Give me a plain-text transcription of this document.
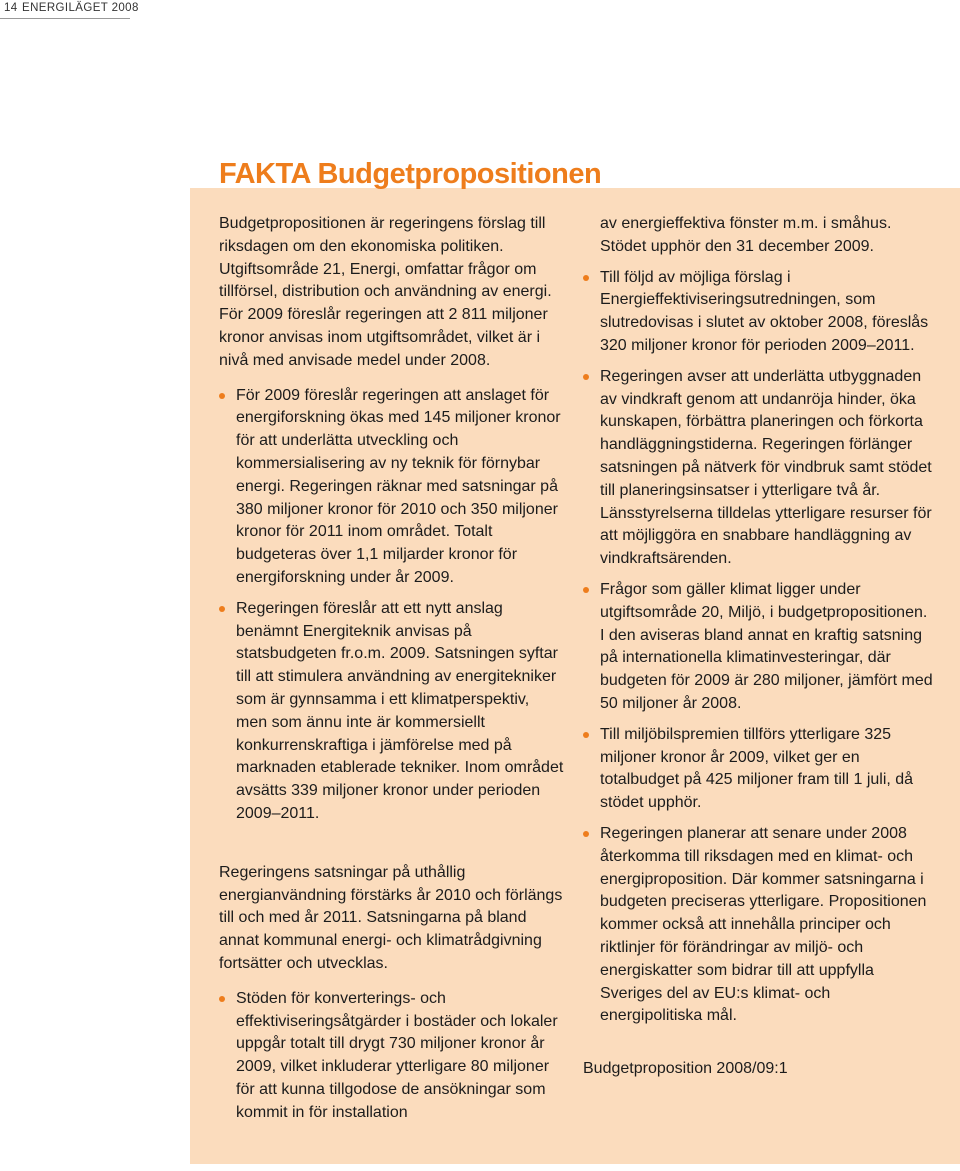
14 ENERGILÄGET 2008
FAKTA Budgetpropositionen

Budgetpropositionen är regeringens förslag till riksdagen om den ekonomiska politiken. Utgiftsområde 21, Energi, omfattar frågor om tillförsel, distribution och användning av energi. För 2009 föreslår regeringen att 2 811 miljoner kronor anvisas inom utgiftsområdet, vilket är i nivå med anvisade medel under 2008.

För 2009 föreslår regeringen att anslaget för energiforskning ökas med 145 miljoner kronor för att underlätta utveckling och kommersialisering av ny teknik för förnybar energi. Regeringen räknar med satsningar på 380 miljoner kronor för 2010 och 350 miljoner kronor för 2011 inom området. Totalt budgeteras över 1,1 miljarder kronor för energiforskning under år 2009.

Regeringen föreslår att ett nytt anslag benämnt Energiteknik anvisas på statsbudgeten fr.o.m. 2009. Satsningen syftar till att stimulera användning av energitekniker som är gynnsamma i ett klimatperspektiv, men som ännu inte är kommersiellt konkurrenskraftiga i jämförelse med på marknaden etablerade tekniker. Inom området avsätts 339 miljoner kronor under perioden 2009–2011.

Regeringens satsningar på uthållig energianvändning förstärks år 2010 och förlängs till och med år 2011. Satsningarna på bland annat kommunal energi- och klimatrådgivning fortsätter och utvecklas.

Stöden för konverterings- och effektiviseringsåtgärder i bostäder och lokaler uppgår totalt till drygt 730 miljoner kronor år 2009, vilket inkluderar ytterligare 80 miljoner för att kunna tillgodose de ansökningar som kommit in för installation

av energieffektiva fönster m.m. i småhus. Stödet upphör den 31 december 2009.

Till följd av möjliga förslag i Energieffektiviseringsutredningen, som slutredovisas i slutet av oktober 2008, föreslås 320 miljoner kronor för perioden 2009–2011.

Regeringen avser att underlätta utbyggnaden av vindkraft genom att undanröja hinder, öka kunskapen, förbättra planeringen och förkorta handläggningstiderna. Regeringen förlänger satsningen på nätverk för vindbruk samt stödet till planeringsinsatser i ytterligare två år. Länsstyrelserna tilldelas ytterligare resurser för att möjliggöra en snabbare handläggning av vindkraftsärenden.

Frågor som gäller klimat ligger under utgiftsområde 20, Miljö, i budgetpropositionen. I den aviseras bland annat en kraftig satsning på internationella klimatinvesteringar, där budgeten för 2009 är 280 miljoner, jämfört med 50 miljoner år 2008.

Till miljöbilspremien tillförs ytterligare 325 miljoner kronor år 2009, vilket ger en totalbudget på 425 miljoner fram till 1 juli, då stödet upphör.

Regeringen planerar att senare under 2008 återkomma till riksdagen med en klimat- och energiproposition. Där kommer satsningarna i budgeten preciseras ytterligare. Propositionen kommer också att innehålla principer och riktlinjer för förändringar av miljö- och energiskatter som bidrar till att uppfylla Sveriges del av EU:s klimat- och energipolitiska mål.

Budgetproposition 2008/09:1
